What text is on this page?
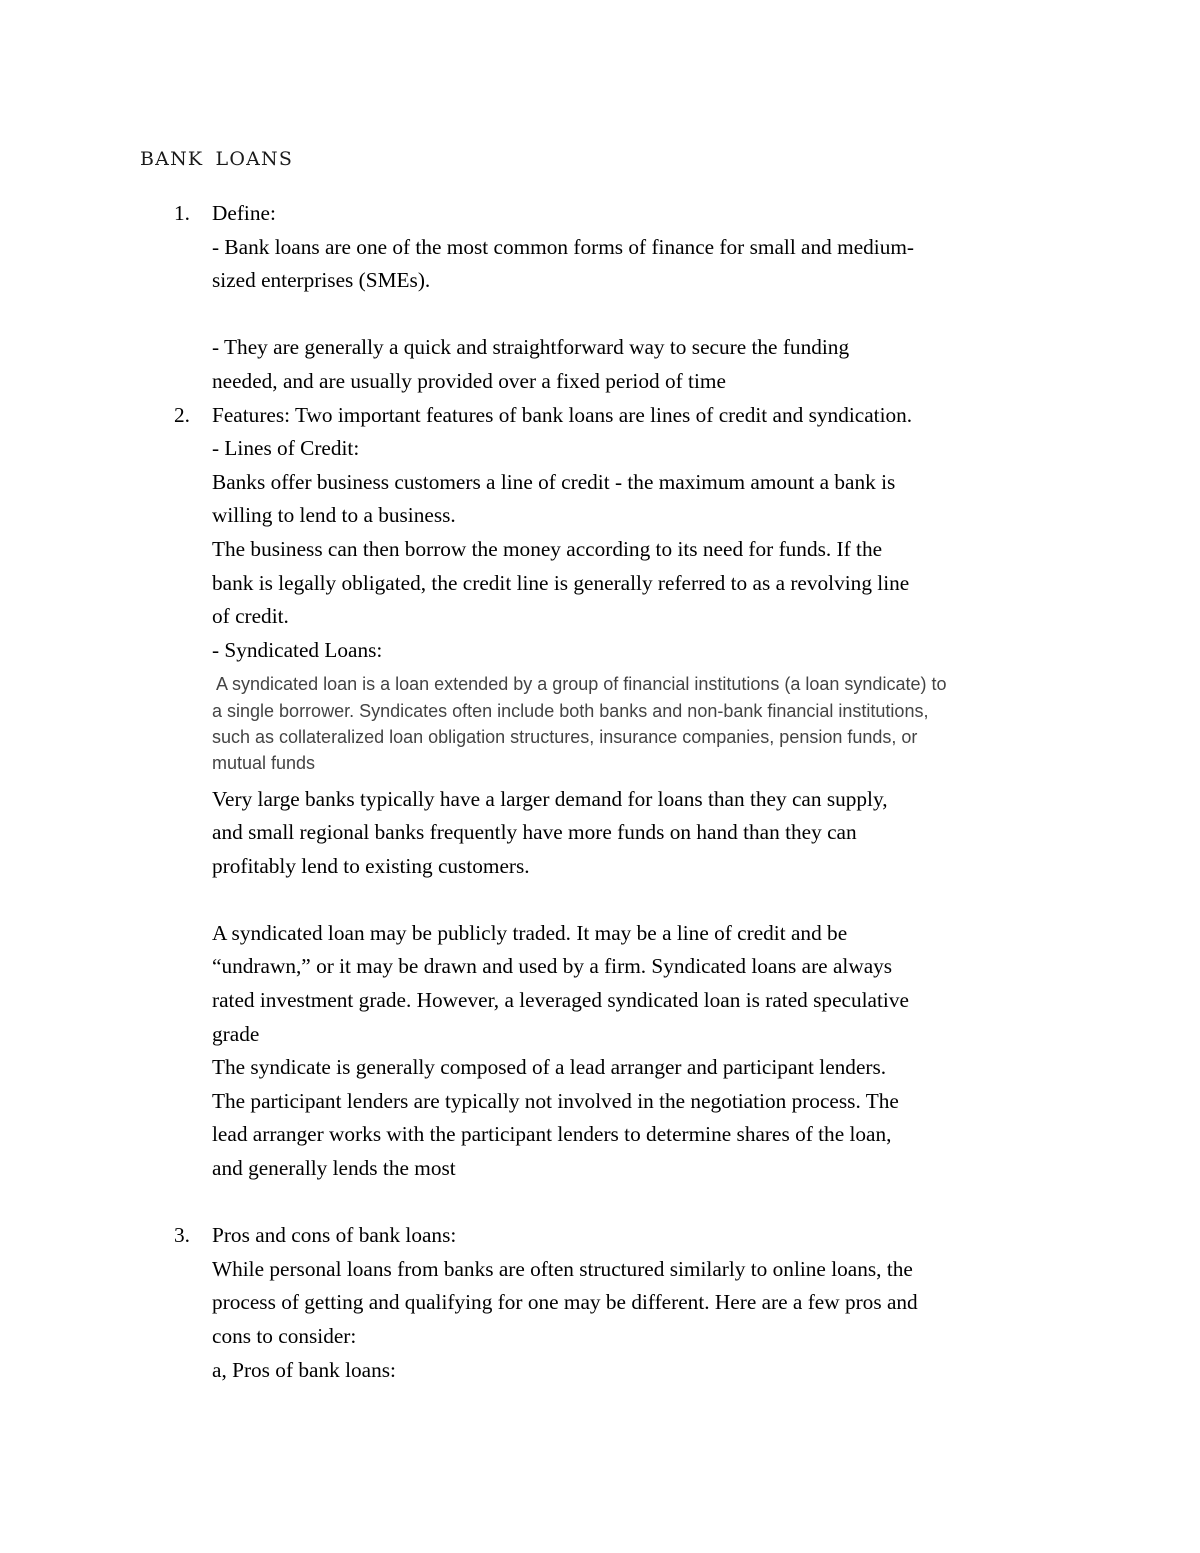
BANK LOANS
1.	Define:

- Bank loans are one of the most common forms of finance for small and medium-

sized enterprises (SMEs).

- They are generally a quick and straightforward way to secure the funding

needed, and are usually provided over a fixed period of time

2.	Features: Two important features of bank loans are lines of credit and syndication.

- Lines of Credit:

Banks offer business customers a line of credit - the maximum amount a bank is

willing to lend to a business.

The business can then borrow the money according to its need for funds. If the

bank is legally obligated, the credit line is generally referred to as a revolving line

of credit.

- Syndicated Loans:

A syndicated loan is a loan extended by a group of financial institutions (a loan syndicate) to

a single borrower. Syndicates often include both banks and non-bank financial institutions,

such as collateralized loan obligation structures, insurance companies, pension funds, or

mutual funds

Very large banks typically have a larger demand for loans than they can supply,

and small regional banks frequently have more funds on hand than they can

profitably lend to existing customers.

A syndicated loan may be publicly traded. It may be a line of credit and be

“undrawn,” or it may be drawn and used by a firm. Syndicated loans are always

rated investment grade. However, a leveraged syndicated loan is rated speculative

grade

The syndicate is generally composed of a lead arranger and participant lenders.

The participant lenders are typically not involved in the negotiation process. The

lead arranger works with the participant lenders to determine shares of the loan,

and generally lends the most

3.	Pros and cons of bank loans:

While personal loans from banks are often structured similarly to online loans, the

process of getting and qualifying for one may be different. Here are a few pros and

cons to consider:

a, Pros of bank loans:
